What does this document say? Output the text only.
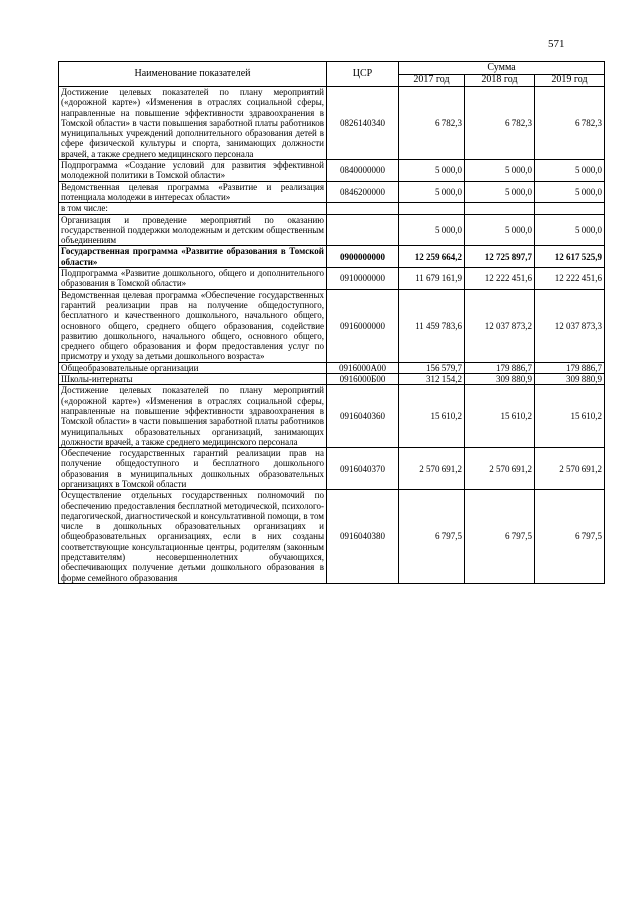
571
Наименование показателей	ЦСР	Сумма		
		2017 год	2018 год	2019 год
Достижение целевых показателей по плану мероприятий («дорожной карте») «Изменения в отраслях социальной сферы, направленные на повышение эффективности здравоохранения в Томской области» в части повышения заработной платы работников муниципальных учреждений дополнительного образования детей в сфере физической культуры и спорта, занимающих должности врачей, а также среднего медицинского персонала	0826140340	6 782,3	6 782,3	6 782,3
Подпрограмма «Создание условий для развития эффективной молодежной политики в Томской области»	0840000000	5 000,0	5 000,0	5 000,0
Ведомственная целевая программа «Развитие и реализация потенциала молодежи в интересах области»	0846200000	5 000,0	5 000,0	5 000,0
в том числе:				
Организация и проведение мероприятий по оказанию государственной поддержки молодежным и детским общественным объединениям		5 000,0	5 000,0	5 000,0
Государственная программа «Развитие образования в Томской области»	0900000000	12 259 664,2	12 725 897,7	12 617 525,9
Подпрограмма «Развитие дошкольного, общего и дополнительного образования в Томской области»	0910000000	11 679 161,9	12 222 451,6	12 222 451,6
Ведомственная целевая программа «Обеспечение государственных гарантий реализации прав на получение общедоступного, бесплатного и качественного дошкольного, начального общего, основного общего, среднего общего образования, содействие развитию дошкольного, начального общего, основного общего, среднего общего образования и форм предоставления услуг по присмотру и уходу за детьми дошкольного возраста»	0916000000	11 459 783,6	12 037 873,2	12 037 873,3
Общеобразовательные организации	0916000А00	156 579,7	179 886,7	179 886,7
Школы-интернаты	0916000Б00	312 154,2	309 880,9	309 880,9
Достижение целевых показателей по плану мероприятий («дорожной карте») «Изменения в отраслях социальной сферы, направленные на повышение эффективности здравоохранения в Томской области» в части повышения заработной платы работников муниципальных образовательных организаций, занимающих должности врачей, а также среднего медицинского персонала	0916040360	15 610,2	15 610,2	15 610,2
Обеспечение государственных гарантий реализации прав на получение общедоступного и бесплатного дошкольного образования в муниципальных дошкольных образовательных организациях в Томской области	0916040370	2 570 691,2	2 570 691,2	2 570 691,2
Осуществление отдельных государственных полномочий по обеспечению предоставления бесплатной методической, психолого-педагогической, диагностической и консультативной помощи, в том числе в дошкольных образовательных организациях и общеобразовательных организациях, если в них созданы соответствующие консультационные центры, родителям (законным представителям) несовершеннолетних обучающихся, обеспечивающих получение детьми дошкольного образования в форме семейного образования	0916040380	6 797,5	6 797,5	6 797,5
